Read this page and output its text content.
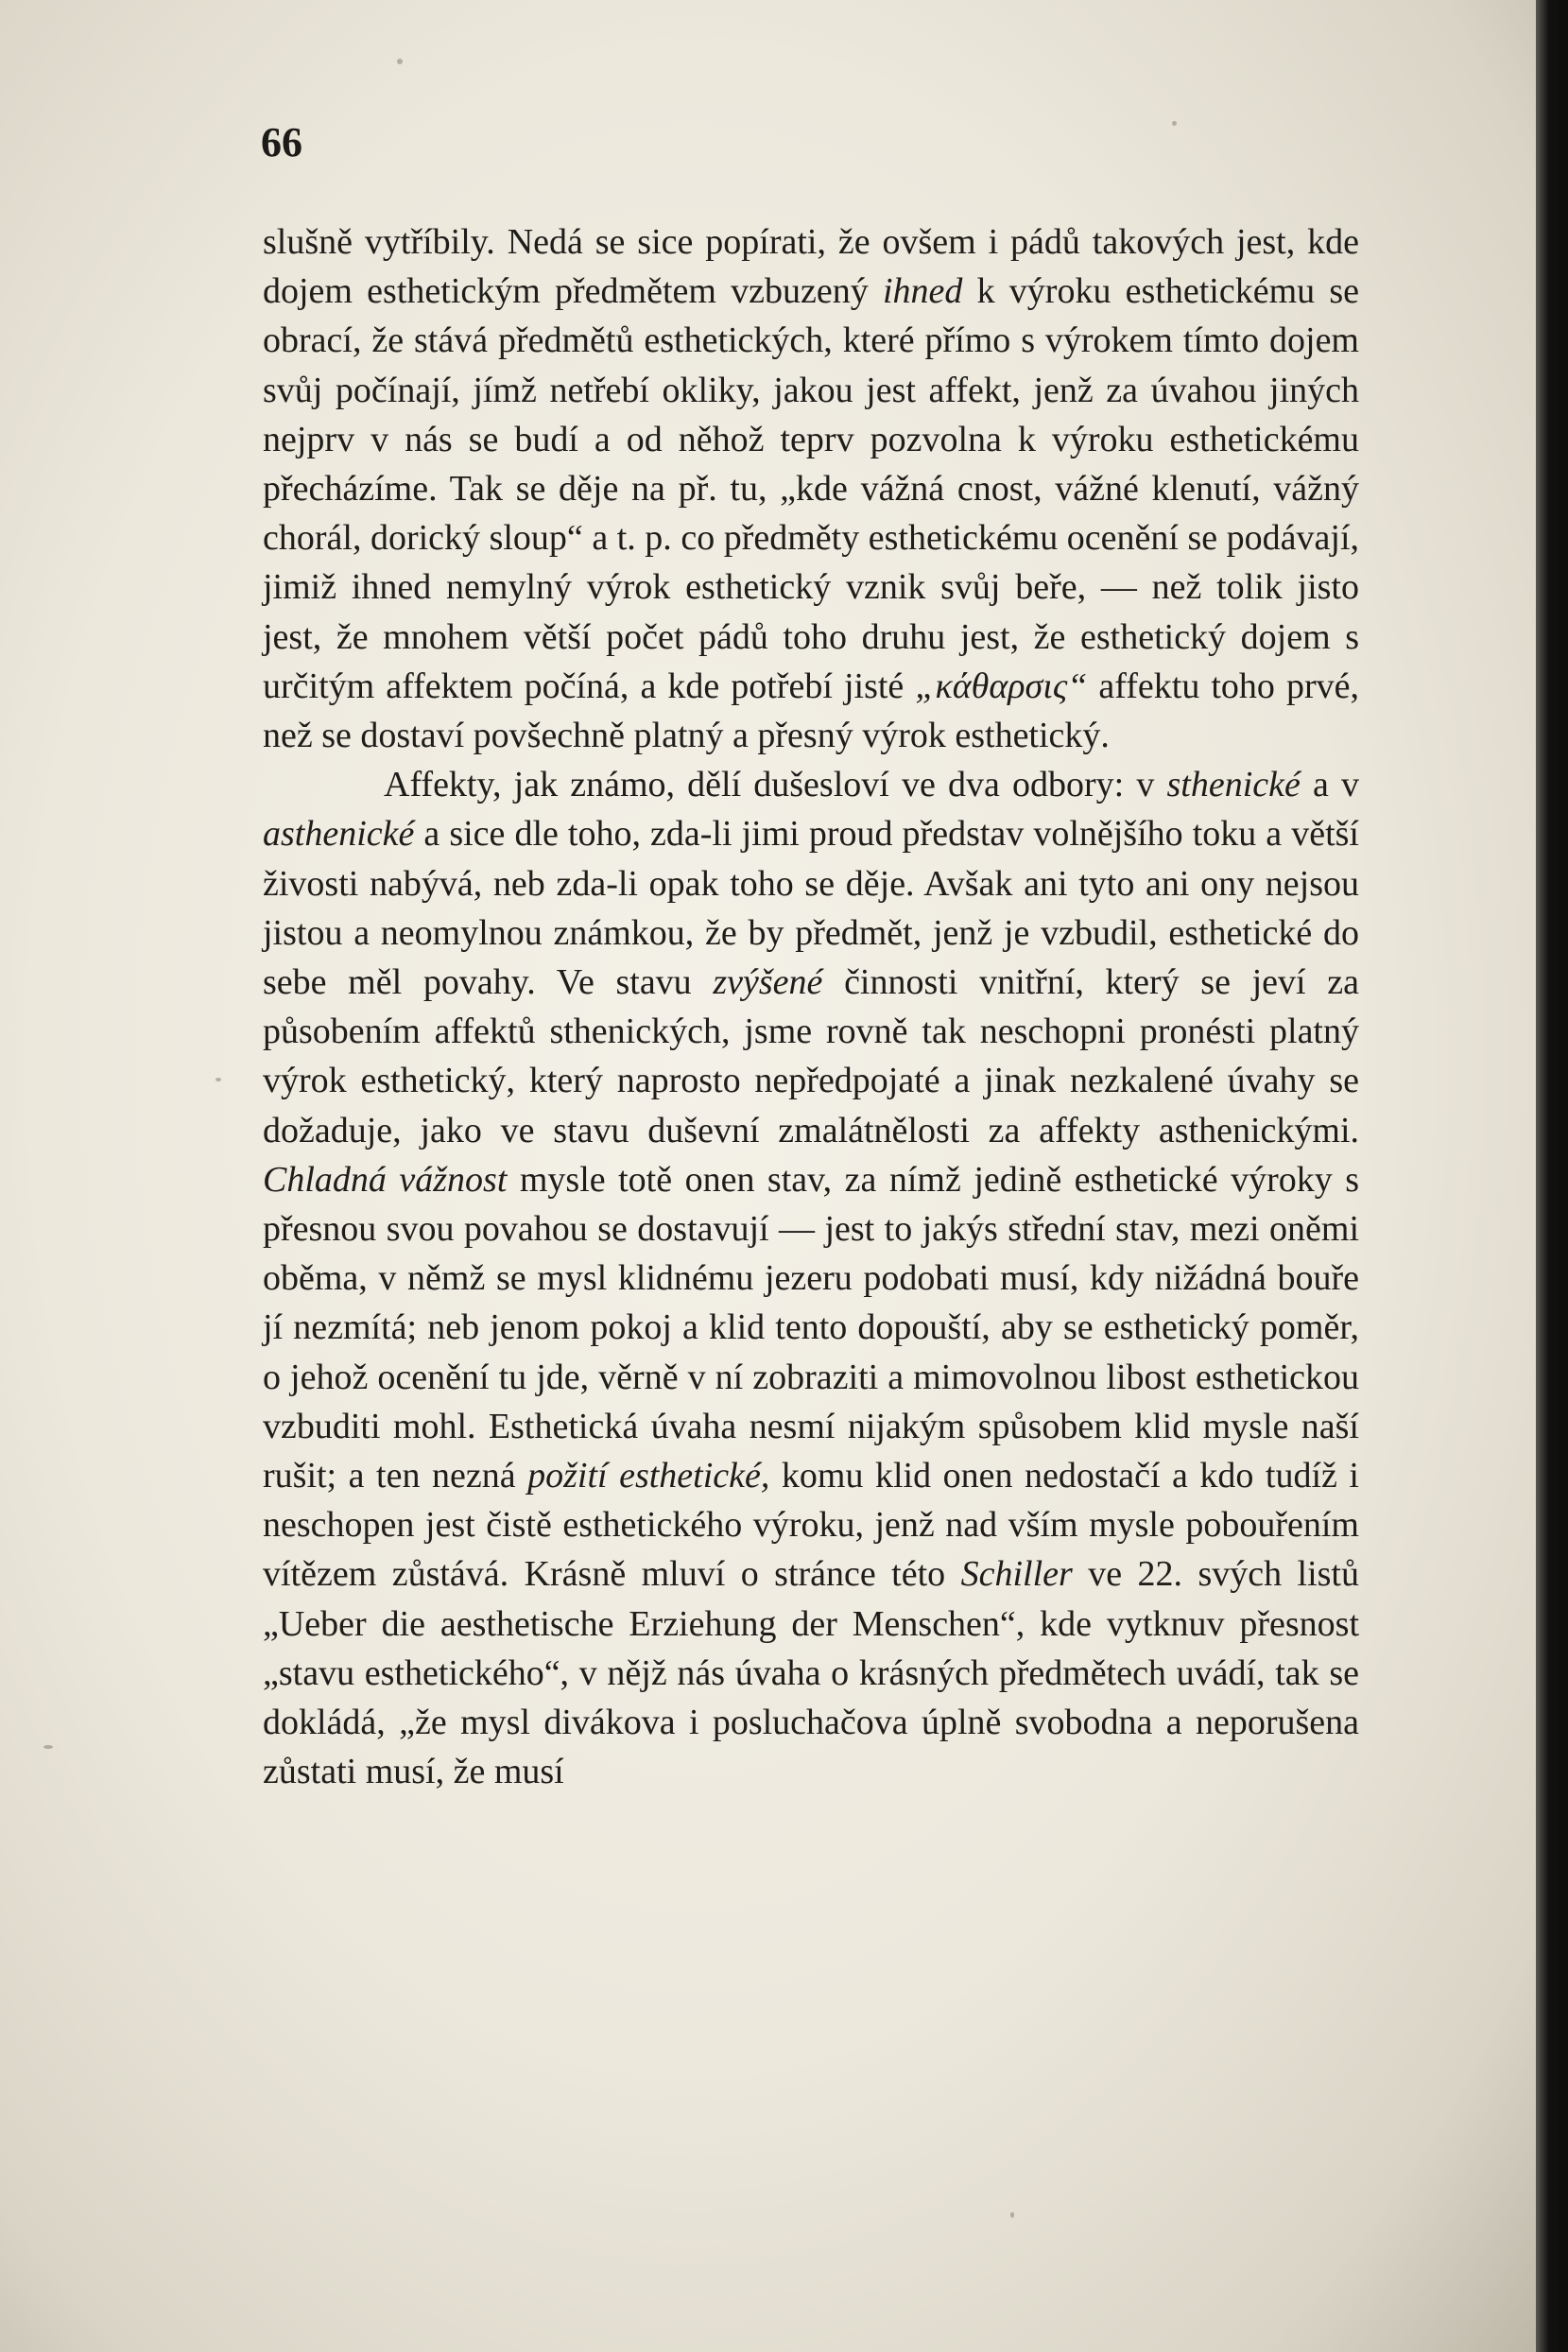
66

slušně vytříbily. Nedá se sice popírati, že ovšem i pádů takových jest, kde dojem esthetickým předmětem vzbuzený ihned k výroku esthetickému se obrací, že stává předmětů esthetických, které přímo s výrokem tímto dojem svůj počínají, jímž netřebí okliky, jakou jest affekt, jenž za úvahou jiných nejprv v nás se budí a od něhož teprv pozvolna k výroku esthetickému přecházíme. Tak se děje na př. tu, „kde vážná cnost, vážné klenutí, vážný chorál, dorický sloup“ a t. p. co předměty esthetickému ocenění se podávají, jimiž ihned nemylný výrok esthetický vznik svůj beře, — než tolik jisto jest, že mnohem větší počet pádů toho druhu jest, že esthetický dojem s určitým affektem počíná, a kde potřebí jisté „κάθαρσις“ affektu toho prvé, než se dostaví povšechně platný a přesný výrok esthetický.

Affekty, jak známo, dělí dušesloví ve dva odbory: v sthenické a v asthenické a sice dle toho, zda-li jimi proud představ volnějšího toku a větší živosti nabývá, neb zda-li opak toho se děje. Avšak ani tyto ani ony nejsou jistou a neomylnou známkou, že by předmět, jenž je vzbudil, esthetické do sebe měl povahy. Ve stavu zvýšené činnosti vnitřní, který se jeví za působením affektů sthenických, jsme rovně tak neschopni pronésti platný výrok esthetický, který naprosto nepředpojaté a jinak nezkalené úvahy se dožaduje, jako ve stavu duševní zmalátnělosti za affekty asthenickými. Chladná vážnost mysle totě onen stav, za nímž jedině esthetické výroky s přesnou svou povahou se dostavují — jest to jakýs střední stav, mezi oněmi oběma, v němž se mysl klidnému jezeru podobati musí, kdy nižádná bouře jí nezmítá; neb jenom pokoj a klid tento dopouští, aby se esthetický poměr, o jehož ocenění tu jde, věrně v ní zobraziti a mimovolnou libost esthetickou vzbuditi mohl. Esthetická úvaha nesmí nijakým spůsobem klid mysle naší rušit; a ten nezná požití esthetické, komu klid onen nedostačí a kdo tudíž i neschopen jest čistě esthetického výroku, jenž nad vším mysle pobouřením vítězem zůstává. Krásně mluví o stránce této Schiller ve 22. svých listů „Ueber die aesthetische Erziehung der Menschen“, kde vytknuv přesnost „stavu esthetického“, v nějž nás úvaha o krásných předmětech uvádí, tak se dokládá, „že mysl divákova i posluchačova úplně svobodna a neporušena zůstati musí, že musí
